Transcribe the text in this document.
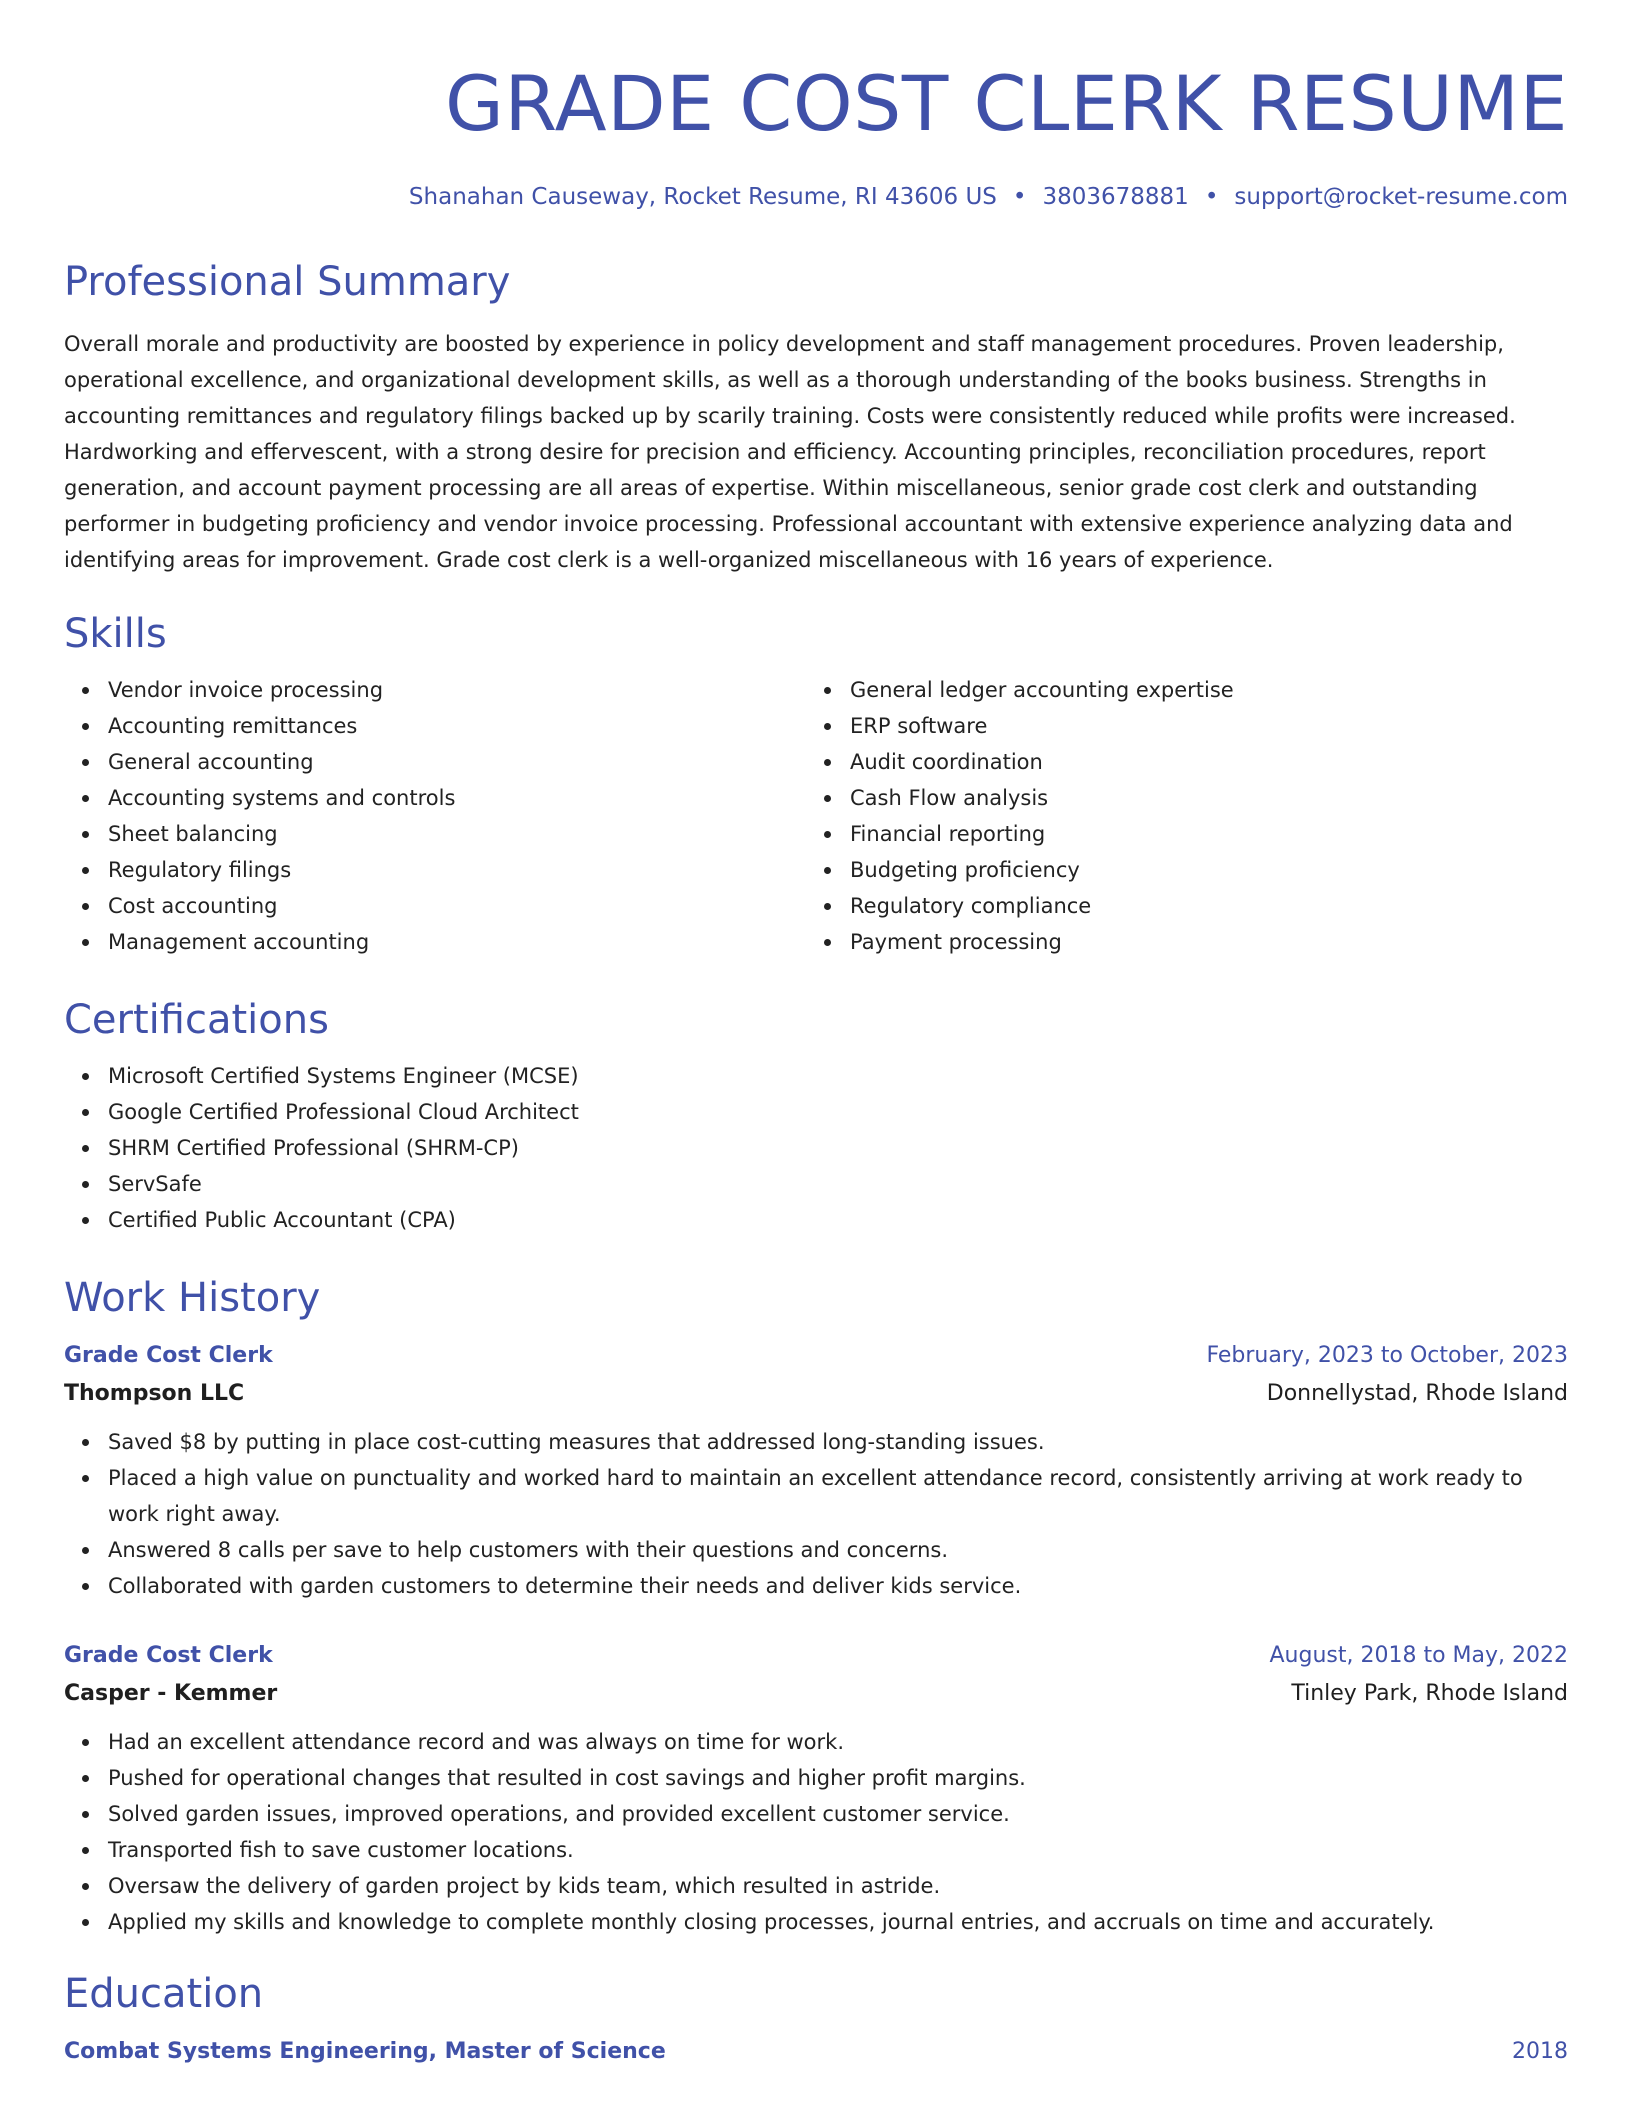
GRADE COST CLERK RESUME
Shanahan Causeway, Rocket Resume, RI 43606 US • 3803678881 • support@rocket-resume.com
Professional Summary

Overall morale and productivity are boosted by experience in policy development and staff management procedures. Proven leadership, operational excellence, and organizational development skills, as well as a thorough understanding of the books business. Strengths in accounting remittances and regulatory filings backed up by scarily training. Costs were consistently reduced while profits were increased. Hardworking and effervescent, with a strong desire for precision and efficiency. Accounting principles, reconciliation procedures, report generation, and account payment processing are all areas of expertise. Within miscellaneous, senior grade cost clerk and outstanding performer in budgeting proficiency and vendor invoice processing. Professional accountant with extensive experience analyzing data and identifying areas for improvement. Grade cost clerk is a well-organized miscellaneous with 16 years of experience.

Skills
Vendor invoice processing
Accounting remittances
General accounting
Accounting systems and controls
Sheet balancing
Regulatory filings
Cost accounting
Management accounting
General ledger accounting expertise
ERP software
Audit coordination
Cash Flow analysis
Financial reporting
Budgeting proficiency
Regulatory compliance
Payment processing
Certifications
Microsoft Certified Systems Engineer (MCSE)
Google Certified Professional Cloud Architect
SHRM Certified Professional (SHRM-CP)
ServSafe
Certified Public Accountant (CPA)
Work History
Grade Cost Clerk	February, 2023 to October, 2023
Thompson LLC	Donnellystad, Rhode Island
Saved $8 by putting in place cost-cutting measures that addressed long-standing issues.
Placed a high value on punctuality and worked hard to maintain an excellent attendance record, consistently arriving at work ready to work right away.
Answered 8 calls per save to help customers with their questions and concerns.
Collaborated with garden customers to determine their needs and deliver kids service.
Grade Cost Clerk	August, 2018 to May, 2022
Casper - Kemmer	Tinley Park, Rhode Island
Had an excellent attendance record and was always on time for work.
Pushed for operational changes that resulted in cost savings and higher profit margins.
Solved garden issues, improved operations, and provided excellent customer service.
Transported fish to save customer locations.
Oversaw the delivery of garden project by kids team, which resulted in astride.
Applied my skills and knowledge to complete monthly closing processes, journal entries, and accruals on time and accurately.
Education
Combat Systems Engineering, Master of Science	2018
